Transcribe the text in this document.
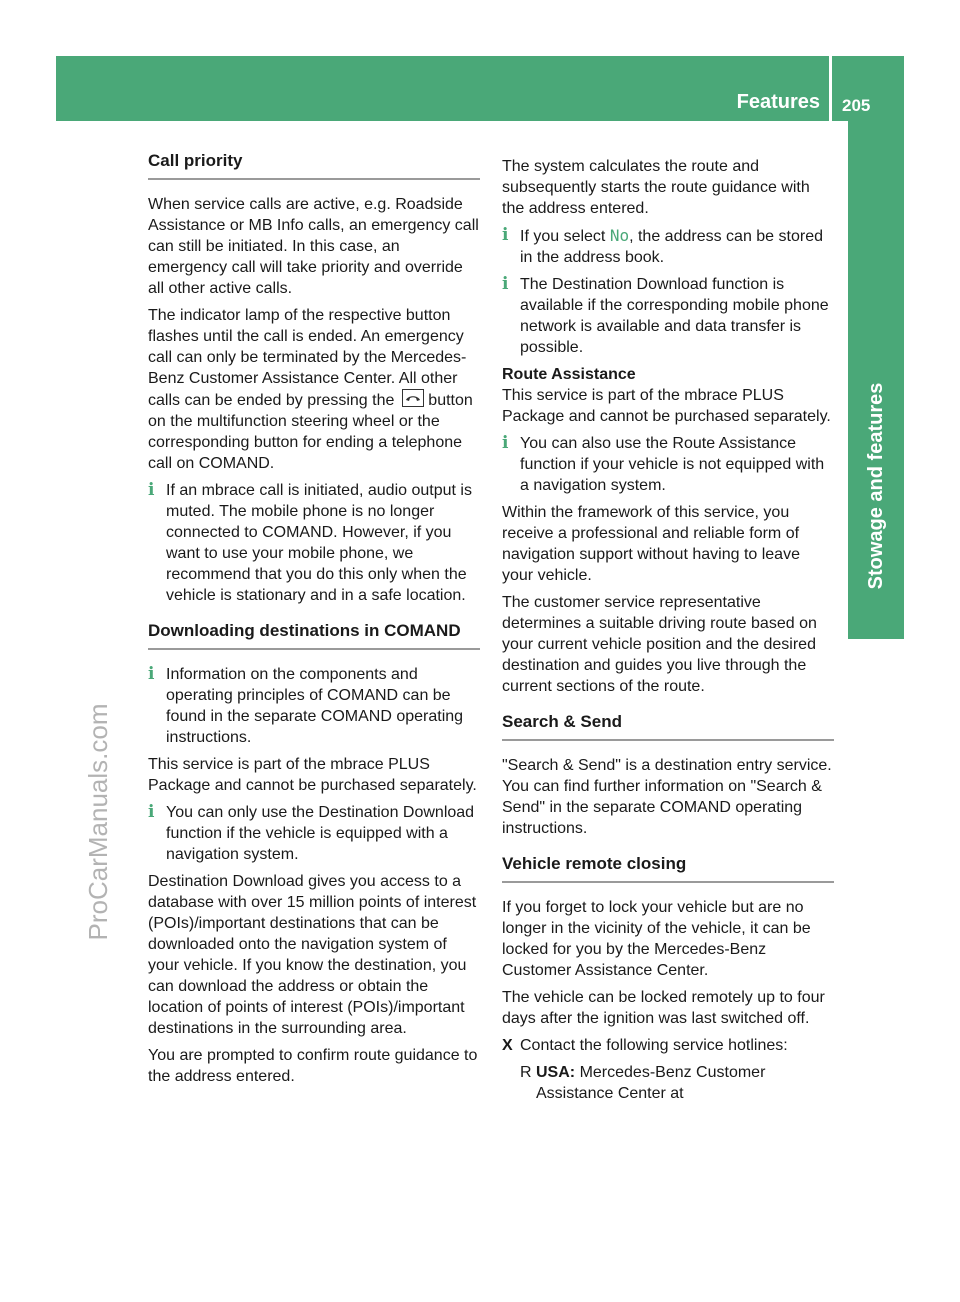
Features 205
Stowage and features
ProCarManuals.com
Call priority

When service calls are active, e.g. Roadside Assistance or MB Info calls, an emergency call can still be initiated. In this case, an emergency call will take priority and override all other active calls.

The indicator lamp of the respective button flashes until the call is ended. An emergency call can only be terminated by the Mercedes-Benz Customer Assistance Center. All other calls can be ended by pressing the button on the multifunction steering wheel or the corresponding button for ending a telephone call on COMAND.

i If an mbrace call is initiated, audio output is muted. The mobile phone is no longer connected to COMAND. However, if you want to use your mobile phone, we recommend that you do this only when the vehicle is stationary and in a safe location.
Downloading destinations in COMAND
i Information on the components and operating principles of COMAND can be found in the separate COMAND operating instructions.

This service is part of the mbrace PLUS Package and cannot be purchased separately.

i You can only use the Destination Download function if the vehicle is equipped with a navigation system.

Destination Download gives you access to a database with over 15 million points of interest (POIs)/important destinations that can be downloaded onto the navigation system of your vehicle. If you know the destination, you can download the address or obtain the location of points of interest (POIs)/important destinations in the surrounding area.

You are prompted to confirm route guidance to the address entered.

The system calculates the route and subsequently starts the route guidance with the address entered.

i If you select No, the address can be stored in the address book.
i The Destination Download function is available if the corresponding mobile phone network is available and data transfer is possible.

Route Assistance

This service is part of the mbrace PLUS Package and cannot be purchased separately.

i You can also use the Route Assistance function if your vehicle is not equipped with a navigation system.

Within the framework of this service, you receive a professional and reliable form of navigation support without having to leave your vehicle.

The customer service representative determines a suitable driving route based on your current vehicle position and the desired destination and guides you live through the current sections of the route.

Search & Send

"Search & Send" is a destination entry service. You can find further information on "Search & Send" in the separate COMAND operating instructions.

Vehicle remote closing

If you forget to lock your vehicle but are no longer in the vicinity of the vehicle, it can be locked for you by the Mercedes-Benz Customer Assistance Center.

The vehicle can be locked remotely up to four days after the ignition was last switched off.

X Contact the following service hotlines:
R USA: Mercedes-Benz Customer Assistance Center at
